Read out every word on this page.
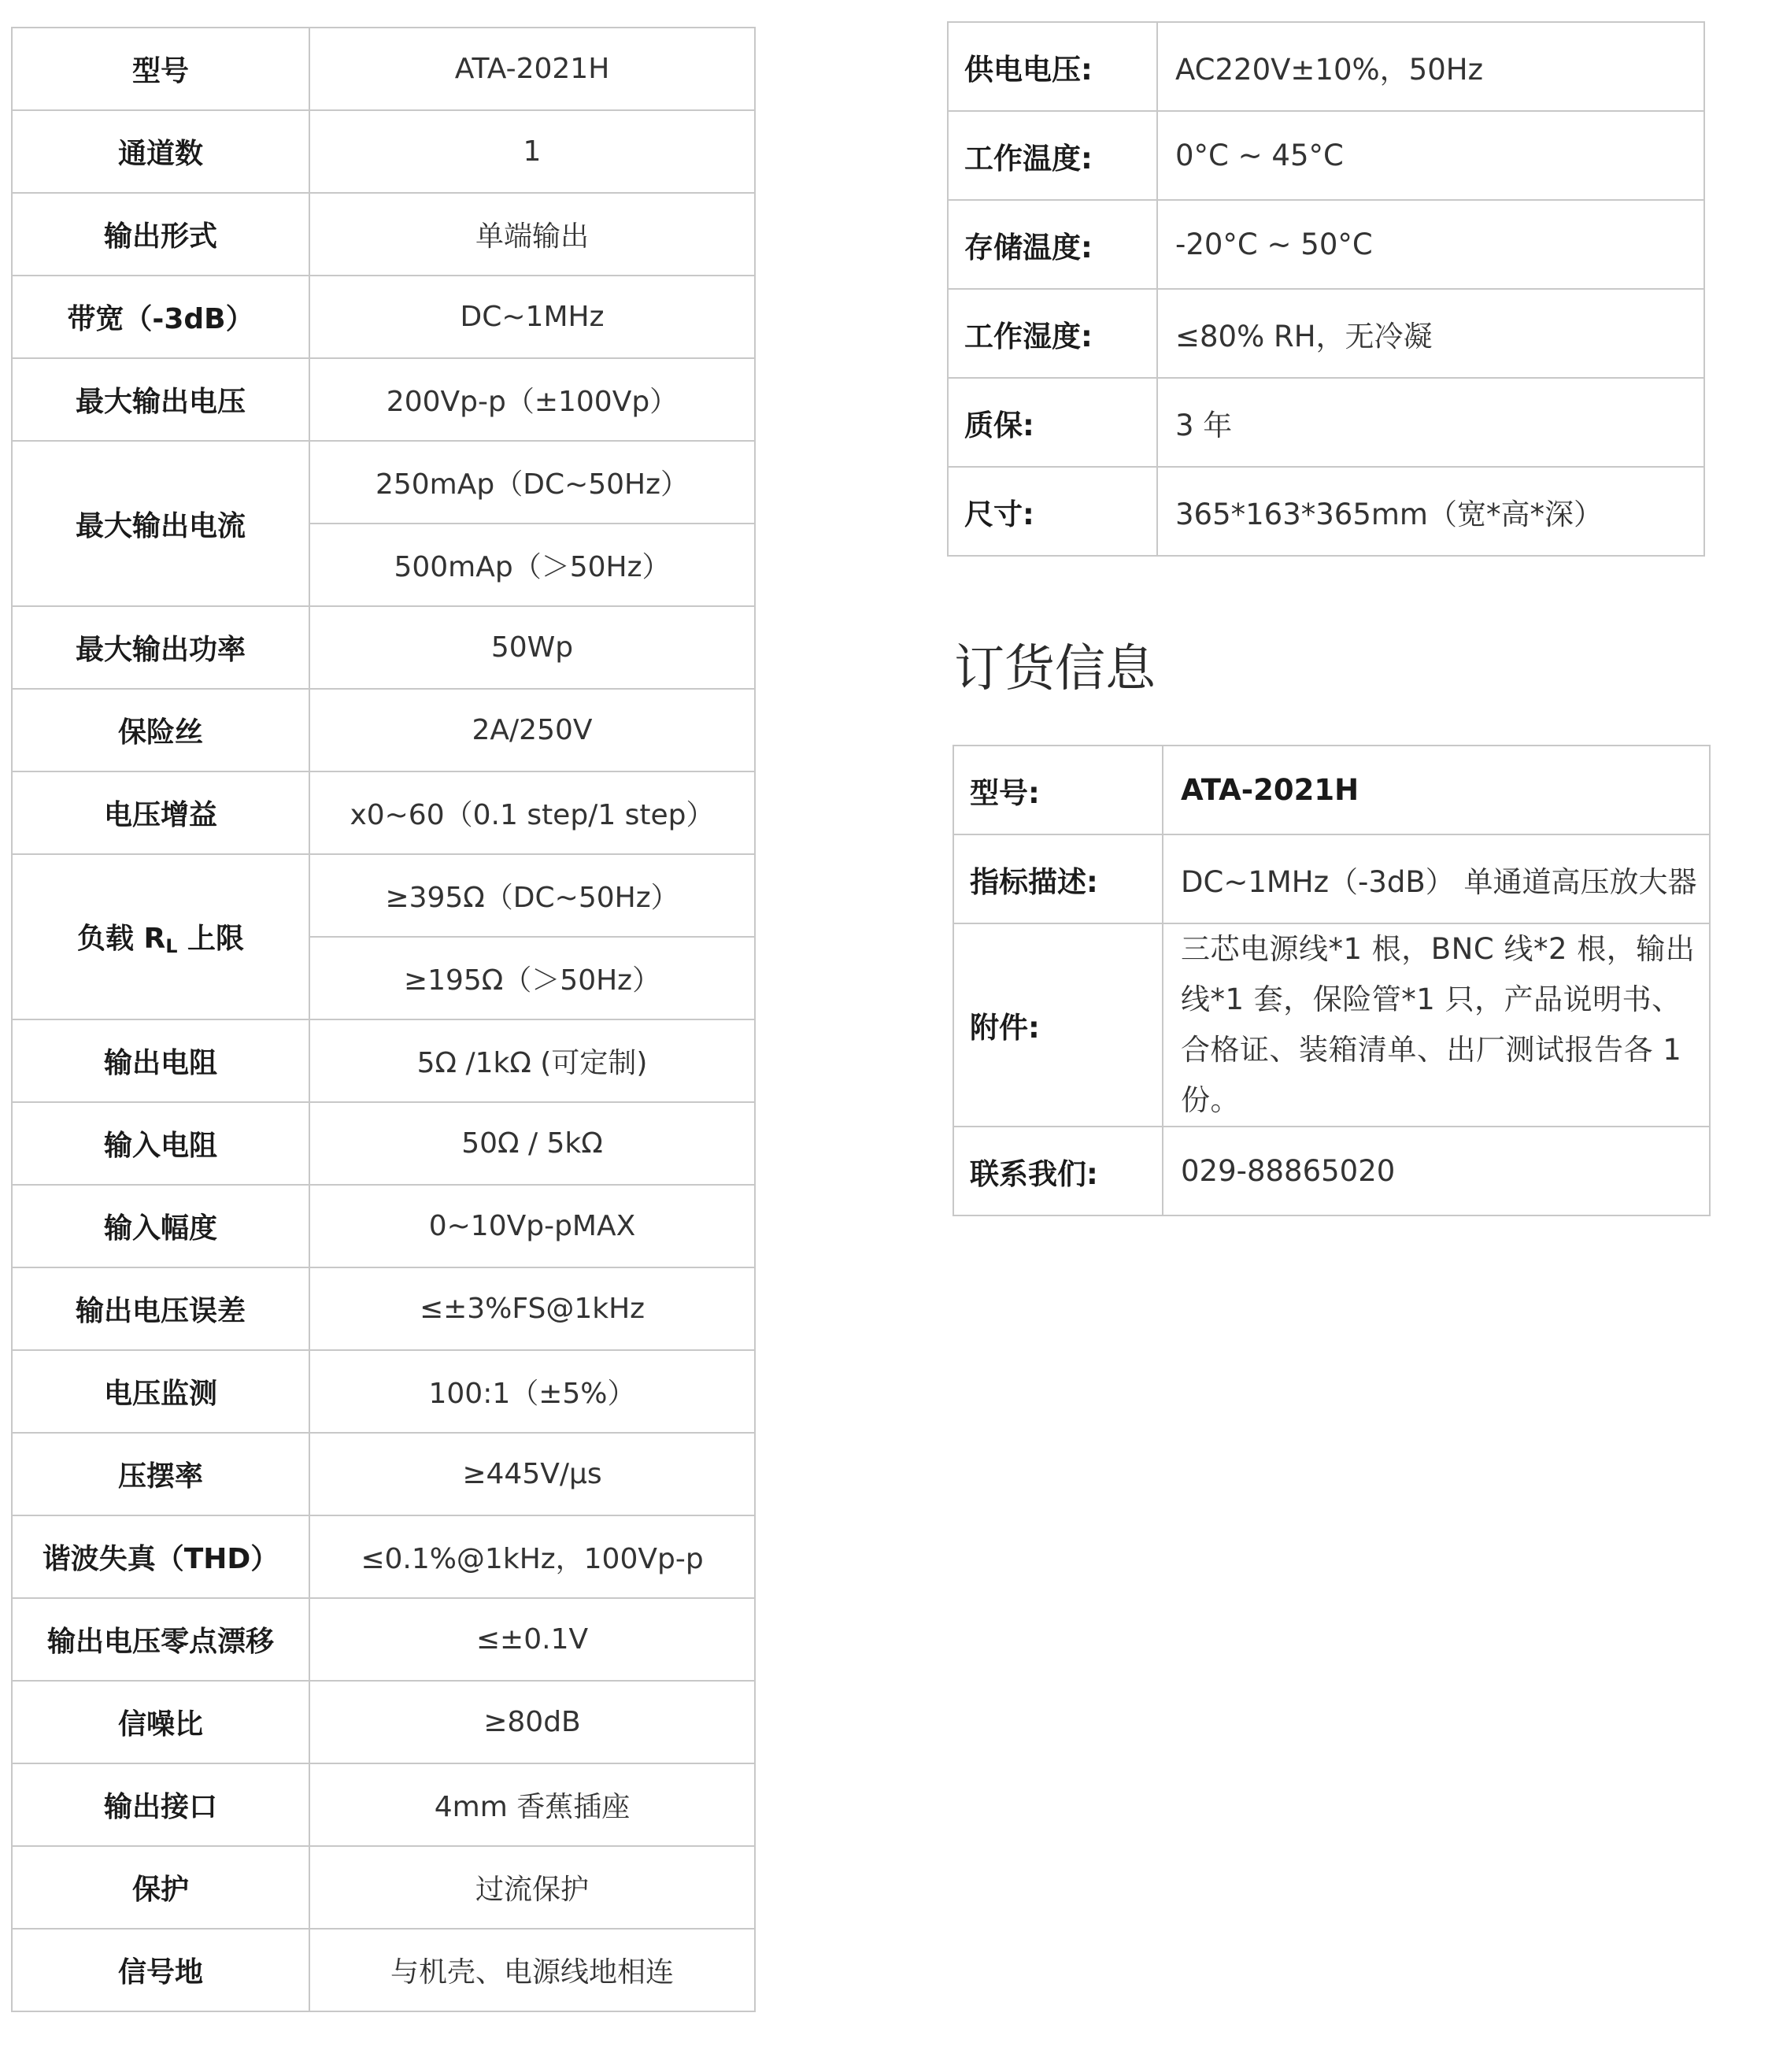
型号	ATA-2021H
通道数	1
输出形式	单端输出
带宽（-3dB）	DC~1MHz
最大输出电压	200Vp-p（±100Vp）
最大输出电流	250mAp（DC~50Hz）
	500mAp（＞50Hz）
最大输出功率	50Wp
保险丝	2A/250V
电压增益	x0~60（0.1 step/1 step）
负载 RL 上限	≥395Ω（DC~50Hz）
	≥195Ω（＞50Hz）
输出电阻	5Ω /1kΩ (可定制)
输入电阻	50Ω / 5kΩ
输入幅度	0~10Vp-pMAX
输出电压误差	≤±3%FS@1kHz
电压监测	100:1（±5%）
压摆率	≥445V/μs
谐波失真（THD）	≤0.1%@1kHz，100Vp-p
输出电压零点漂移	≤±0.1V
信噪比	≥80dB
输出接口	4mm 香蕉插座
保护	过流保护
信号地	与机壳、电源线地相连
供电电压:	AC220V±10%，50Hz
工作温度:	0°C ~ 45°C
存储温度:	-20°C ~ 50°C
工作湿度:	≤80% RH，无冷凝
质保:	3 年
尺寸:	365*163*365mm（宽*高*深）
订货信息
型号:	ATA-2021H
指标描述:	DC~1MHz（-3dB） 单通道高压放大器
附件:	三芯电源线*1 根，BNC 线*2 根，输出线*1 套，保险管*1 只，产品说明书、合格证、装箱清单、出厂测试报告各 1 份。
联系我们:	029-88865020
